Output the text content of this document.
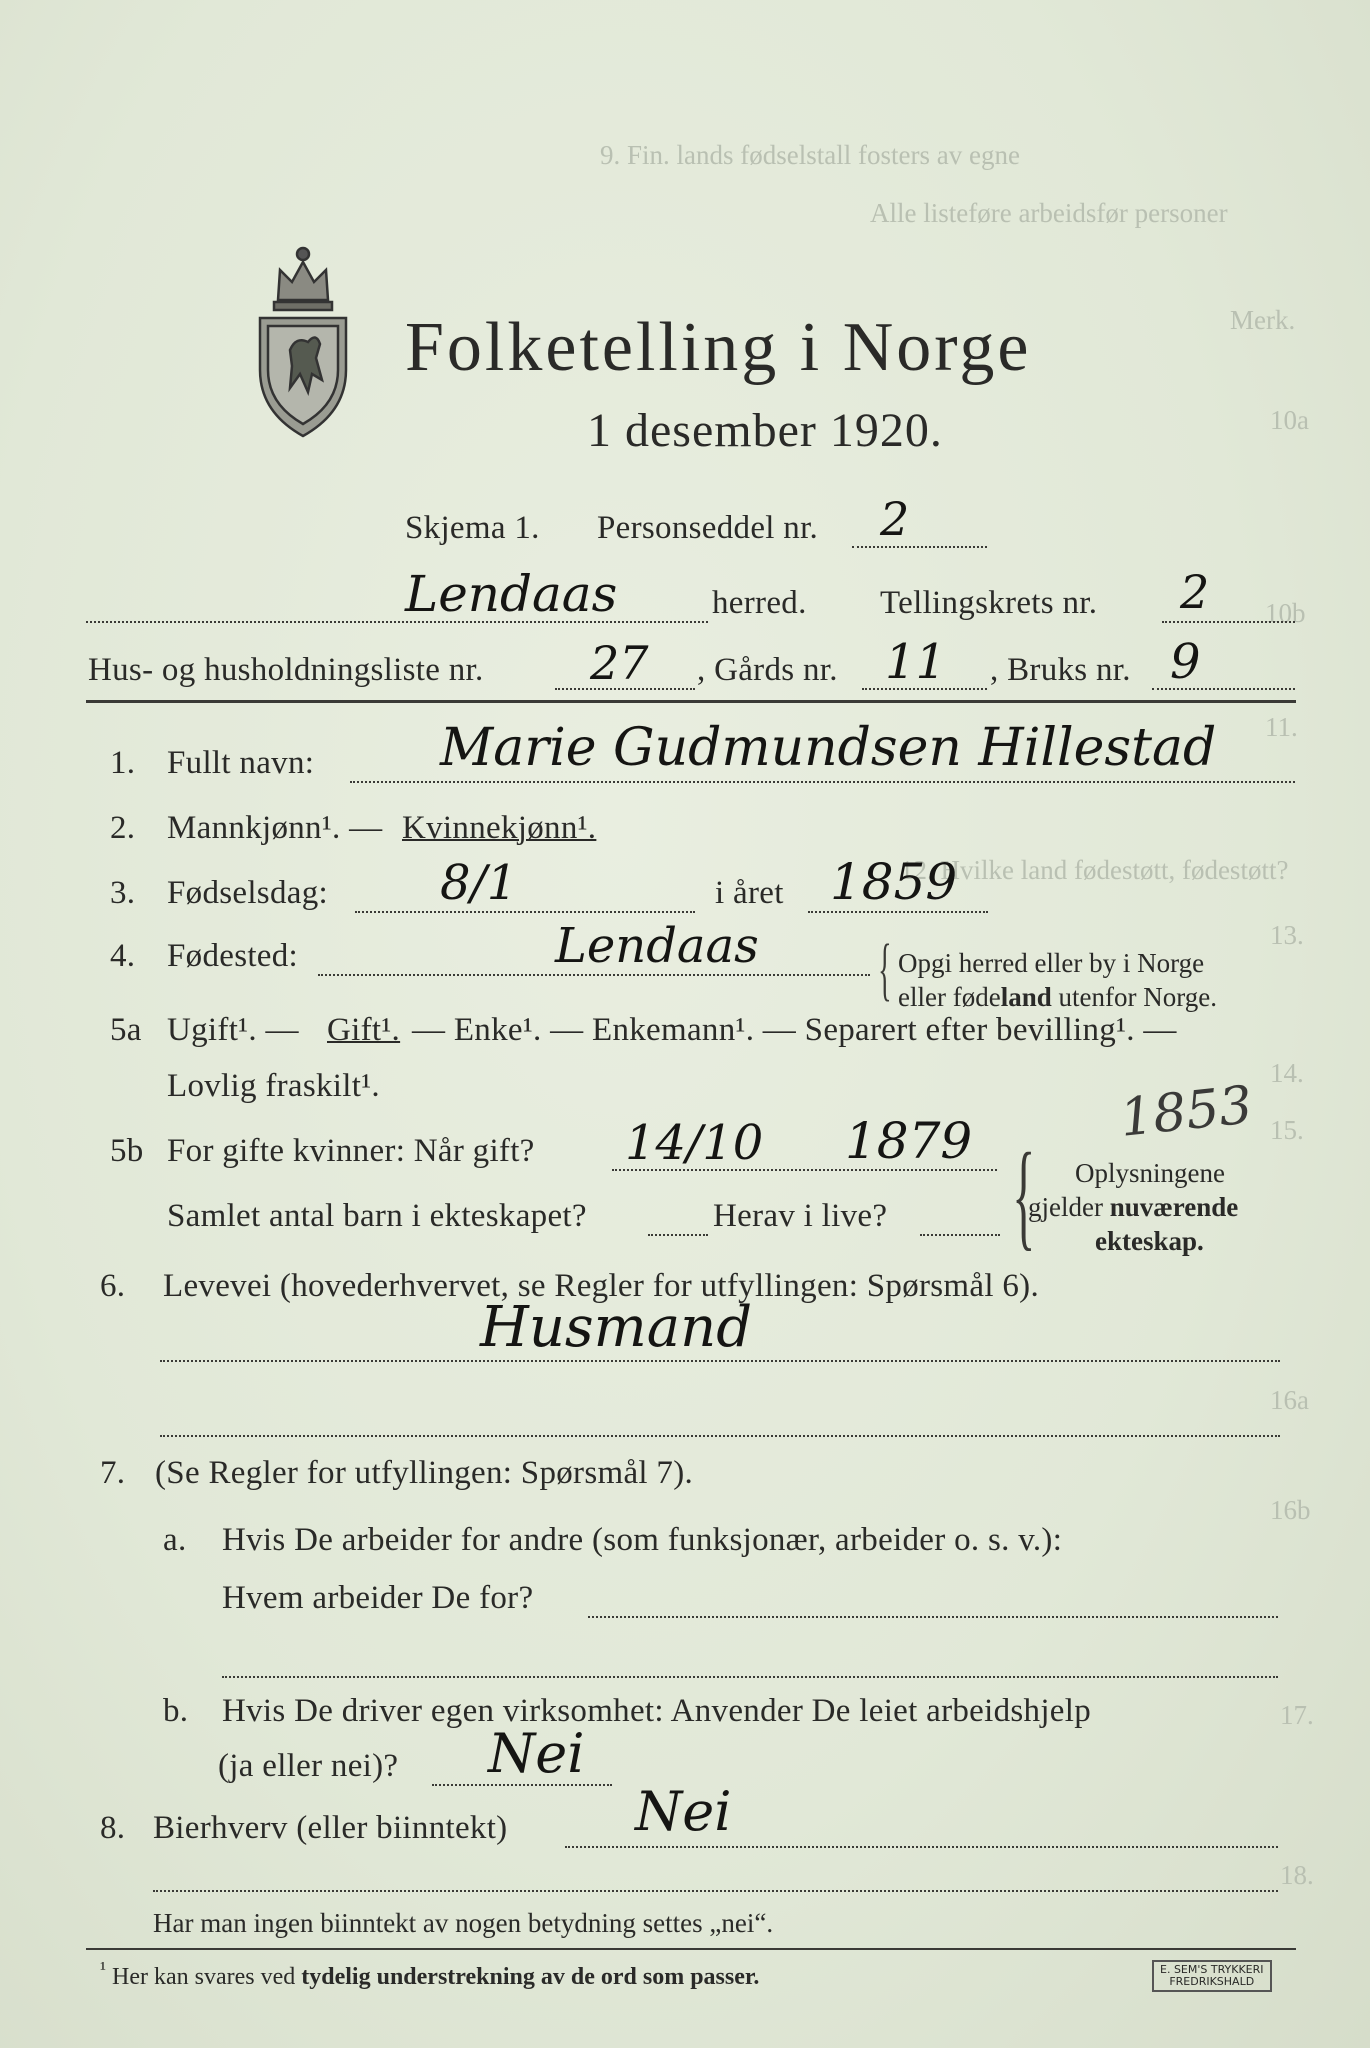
9. Fin. lands fødselstall fosters av egne
Alle listeføre arbeidsfør personer
Merk.
10a
10b
11.
12. Hvilke land fødestøtt, fødestøtt?
13.
14.
15.
16a
16b
17.
18.
Folketelling i Norge
1 desember 1920.
Skjema 1. Personseddel nr. 2
Lendaas	herred. Tellingskrets nr. 2
Hus- og husholdningsliste nr. 27 , Gårds nr. 11 , Bruks nr. 9
1. Fullt navn: Marie Gudmundsen Hillestad
2. Mannkjønn¹. — Kvinnekjønn¹.
3. Fødselsdag: 8/1	i året 1859
4. Fødested:	Lendaas { Opgi herred eller by i Norge
eller fødeland utenfor Norge.
5a Ugift¹. — Gift¹. — Enke¹. — Enkemann¹. — Separert efter bevilling¹. —
Lovlig fraskilt¹.	1853
5b For gifte kvinner: Når gift? 14/10 1879
Samlet antal barn i ekteskapet?	Herav i live? { Oplysningene
gjelder nuværende
ekteskap.
6. Levevei (hovederhvervet, se Regler for utfyllingen: Spørsmål 6).
Husmand
7. (Se Regler for utfyllingen: Spørsmål 7).
a. Hvis De arbeider for andre (som funksjonær, arbeider o. s. v.):
Hvem arbeider De for?
b. Hvis De driver egen virksomhet: Anvender De leiet arbeidshjelp
(ja eller nei)? Nei
8. Bierhverv (eller biinntekt) Nei
Har man ingen biinntekt av nogen betydning settes „nei“.
$^{^1}$ Her kan svares ved tydelig understrekning av de ord som passer.	E. SEM'S TRYKKERI
FREDRIKSHALD
